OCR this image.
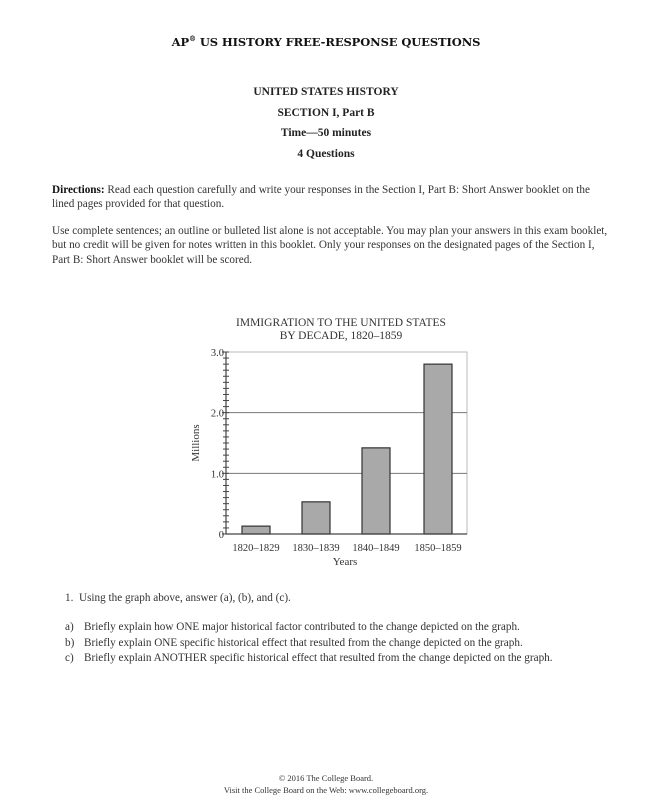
AP® US HISTORY FREE-RESPONSE QUESTIONS
UNITED STATES HISTORY
SECTION I, Part B
Time—50 minutes
4 Questions
Directions: Read each question carefully and write your responses in the Section I, Part B: Short Answer booklet on the lined pages provided for that question.
Use complete sentences; an outline or bulleted list alone is not acceptable. You may plan your answers in this exam booklet, but no credit will be given for notes written in this booklet. Only your responses on the designated pages of the Section I, Part B: Short Answer booklet will be scored.
IMMIGRATION TO THE UNITED STATES
BY DECADE, 1820–1859
0
1.0
2.0
3.0
1820–1829 1830–1839 1840–1849 1850–1859
Millions
Years
1. Using the graph above, answer (a), (b), and (c).
a) Briefly explain how ONE major historical factor contributed to the change depicted on the graph.
b) Briefly explain ONE specific historical effect that resulted from the change depicted on the graph.
c) Briefly explain ANOTHER specific historical effect that resulted from the change depicted on the graph.
© 2016 The College Board.
Visit the College Board on the Web: www.collegeboard.org.
